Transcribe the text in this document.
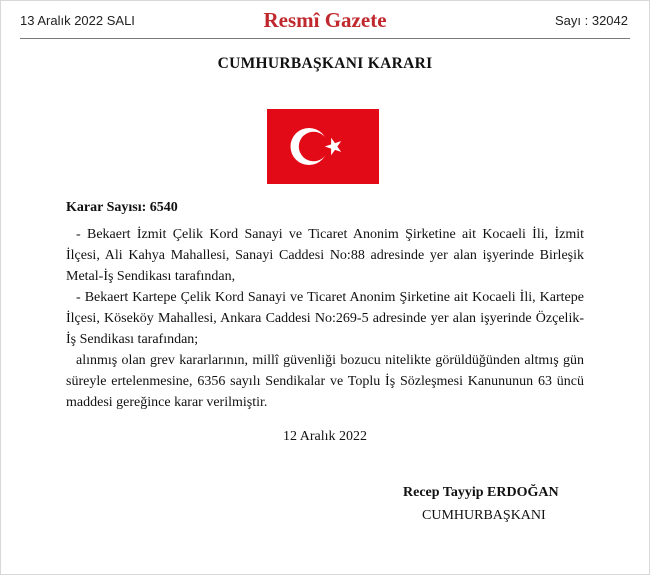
13 Aralık 2022 SALI	Resmî Gazete	Sayı : 32042
CUMHURBAŞKANI KARARI
Karar Sayısı: 6540

- Bekaert İzmit Çelik Kord Sanayi ve Ticaret Anonim Şirketine ait Kocaeli İli, İzmit İlçesi, Ali Kahya Mahallesi, Sanayi Caddesi No:88 adresinde yer alan işyerinde Birleşik Metal-İş Sendikası tarafından,

- Bekaert Kartepe Çelik Kord Sanayi ve Ticaret Anonim Şirketine ait Kocaeli İli, Kartepe İlçesi, Köseköy Mahallesi, Ankara Caddesi No:269-5 adresinde yer alan işyerinde Özçelik-İş Sendikası tarafından;

alınmış olan grev kararlarının, millî güvenliği bozucu nitelikte görüldüğünden altmış gün süreyle ertelenmesine, 6356 sayılı Sendikalar ve Toplu İş Sözleşmesi Kanununun 63 üncü maddesi gereğince karar verilmiştir.

12 Aralık 2022
Recep Tayyip ERDOĞAN
CUMHURBAŞKANI
